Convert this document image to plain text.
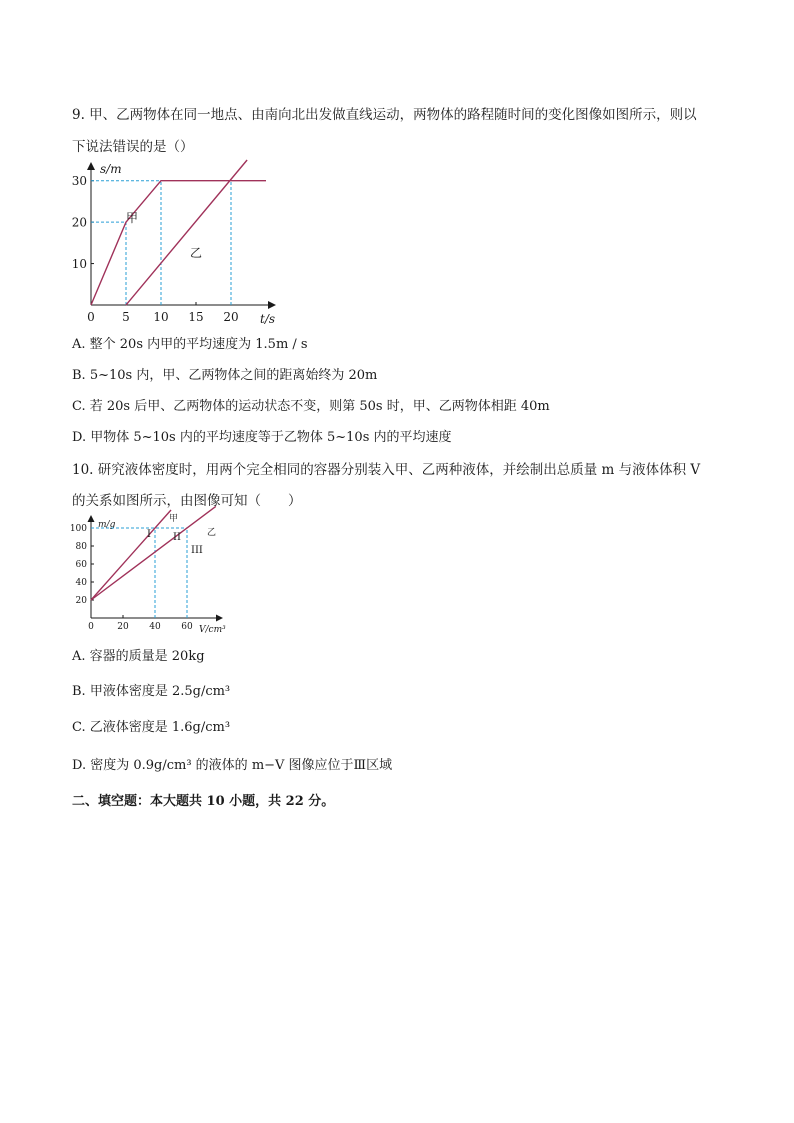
9. 甲、乙两物体在同一地点、由南向北出发做直线运动，两物体的路程随时间的变化图像如图所示，则以
下说法错误的是（）
s/m
t/s
0 5 10 15 20
10
20
30
甲
乙
A. 整个 20s 内甲的平均速度为 1.5m / s
B. 5~10s 内，甲、乙两物体之间的距离始终为 20m
C. 若 20s 后甲、乙两物体的运动状态不变，则第 50s 时，甲、乙两物体相距 40m
D. 甲物体 5~10s 内的平均速度等于乙物体 5~10s 内的平均速度
10. 研究液体密度时，用两个完全相同的容器分别装入甲、乙两种液体，并绘制出总质量 m 与液体体积 V
的关系如图所示，由图像可知（　　）
m/g
V/cm³
0	20 40 60
20
40
60
80
100
甲
乙
I II
III
A. 容器的质量是 20kg
B. 甲液体密度是 2.5g/cm³
C. 乙液体密度是 1.6g/cm³
D. 密度为 0.9g/cm³ 的液体的 m−V 图像应位于Ⅲ区域
二、填空题：本大题共 10 小题，共 22 分。
